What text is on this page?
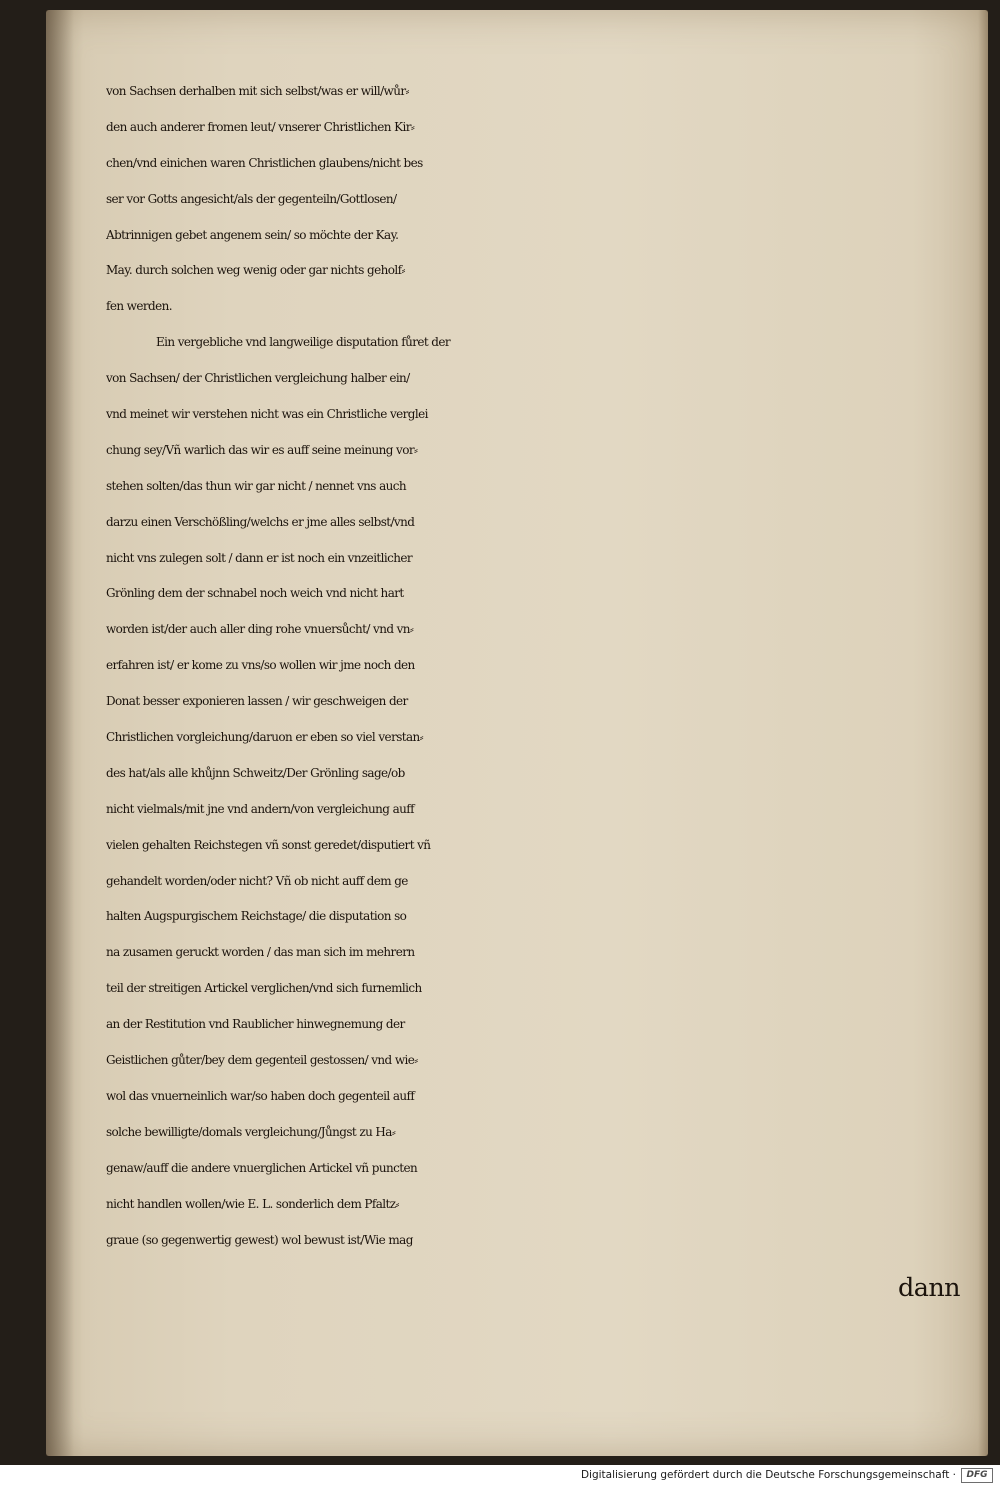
von Sachsen derhalben mit sich selbst/was er will/wůr⸗
den auch anderer fromen leut/ vnserer Christlichen Kir⸗
chen/vnd einichen waren Christlichen glaubens/nicht bes
ser vor Gotts angesicht/als der gegenteiln/Gottlosen/
Abtrinnigen gebet angenem sein/ so möchte der Kay.
May. durch solchen weg wenig oder gar nichts geholf⸗
fen werden.
Ein vergebliche vnd langweilige disputation fůret der
von Sachsen/ der Christlichen vergleichung halber ein/
vnd meinet wir verstehen nicht was ein Christliche verglei
chung sey/Vñ warlich das wir es auff seine meinung vor⸗
stehen solten/das thun wir gar nicht / nennet vns auch
darzu einen Verschößling/welchs er jme alles selbst/vnd
nicht vns zulegen solt / dann er ist noch ein vnzeitlicher
Grönling dem der schnabel noch weich vnd nicht hart
worden ist/der auch aller ding rohe vnuersůcht/ vnd vn⸗
erfahren ist/ er kome zu vns/so wollen wir jme noch den
Donat besser exponieren lassen / wir geschweigen der
Christlichen vorgleichung/daruon er eben so viel verstan⸗
des hat/als alle khůjnn Schweitz/Der Grönling sage/ob
nicht vielmals/mit jne vnd andern/von vergleichung auff
vielen gehalten Reichstegen vñ sonst geredet/disputiert vñ
gehandelt worden/oder nicht? Vñ ob nicht auff dem ge
halten Augspurgischem Reichstage/ die disputation so
na zusamen geruckt worden / das man sich im mehrern
teil der streitigen Artickel verglichen/vnd sich furnemlich
an der Restitution vnd Raublicher hinwegnemung der
Geistlichen gůter/bey dem gegenteil gestossen/ vnd wie⸗
wol das vnuerneinlich war/so haben doch gegenteil auff
solche bewilligte/domals vergleichung/Jůngst zu Ha⸗
genaw/auff die andere vnuerglichen Artickel vñ puncten
nicht handlen wollen/wie E. L. sonderlich dem Pfaltz⸗
graue (so gegenwertig gewest) wol bewust ist/Wie mag
dann
Digitalisierung gefördert durch die Deutsche Forschungsgemeinschaft ·	DFG
